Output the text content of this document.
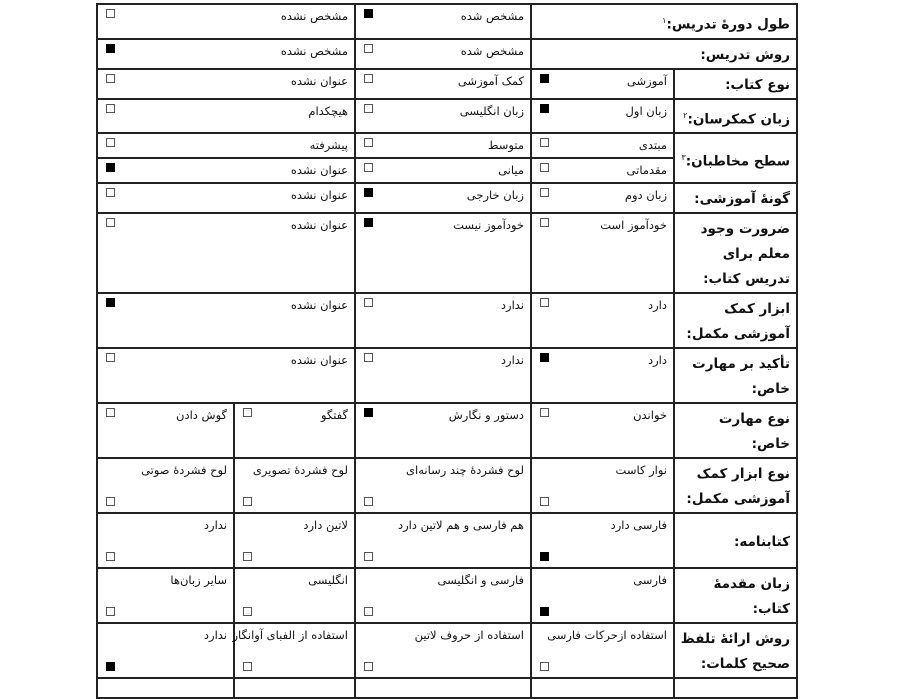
طول دورهٔ تدریس:$^۱$		مشخص شده	مشخص نشده	

روش تدریس:		مشخص شده	مشخص نشده	

نوع کتاب:	آموزشی	کمک آموزشی	عنوان نشده	

زبان کمکرسان:$^۲$	زبان اول	زبان انگلیسی	هیچکدام	

سطح مخاطبان:$^۳$	مبتدی	متوسط	پیشرفته	

	مقدماتی	میانی	عنوان نشده	

گونهٔ آموزشی:	زبان دوم	زبان خارجی	عنوان نشده	

ضرورت وجود معلم برای تدریس کتاب:	خودآموز است	خودآموز نیست	عنوان نشده	

ابزار کمک آموزشی مکمل:	دارد	ندارد	عنوان نشده	

تأکید بر مهارت خاص:	دارد	ندارد	عنوان نشده	

نوع مهارت خاص:	خواندن	دستور و نگارش	گفتگو	گوش دادن

نوع ابزار کمک آموزشی مکمل:	نوار کاست	لوح فشردهٔ چند رسانه‌ای	لوح فشردهٔ تصویری	لوح فشردهٔ صوتی

کتابنامه:	فارسی دارد	هم فارسی و هم لاتین دارد	لاتین دارد	ندارد

زبان مقدمهٔ کتاب:	فارسی	فارسی و انگلیسی	انگلیسی	سایر زبان‌ها

روش ارائهٔ تلفظ صحیح کلمات:	استفاده ازحرکات فارسی	استفاده از حروف لاتین	استفاده از الفبای آوانگار	ندارد
